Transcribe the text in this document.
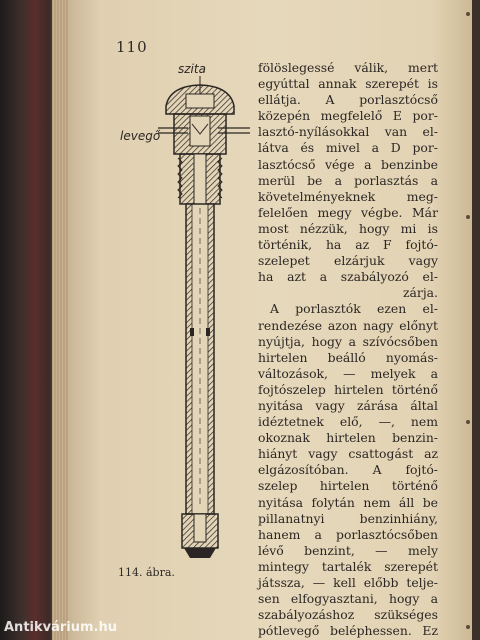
110
szita
levegő
114. ábra.
fölöslegessé válik, mert
egyúttal annak szerepét is
ellátja. A porlasztócső
közepén megfelelő E por-
lasztó-nyílásokkal van el-
látva és mivel a D por-
lasztócső vége a benzinbe
merül be a porlasztás a
követelményeknek meg-
felelően megy végbe. Már
most nézzük, hogy mi is
történik, ha az F fojtó-
szelepet elzárjuk vagy
ha azt a szabályozó el-
zárja.
A porlasztók ezen el-
rendezése azon nagy előnyt
nyújtja, hogy a szívócsőben
hirtelen beálló nyomás-
változások, — melyek a
fojtószelep hirtelen történő
nyitása vagy zárása által
idéztetnek elő, —, nem
okoznak hirtelen benzin-
hiányt vagy csattogást az
elgázosítóban. A fojtó-
szelep hirtelen történő
nyitása folytán nem áll be
pillanatnyi benzinhiány,
hanem a porlasztócsőben
lévő benzint, — mely
mintegy tartalék szerepét
játssza, — kell előbb telje-
sen elfogyasztani, hogy a
szabályozáshoz szükséges
pótlevegő beléphessen. Ez
Antikvárium.hu
